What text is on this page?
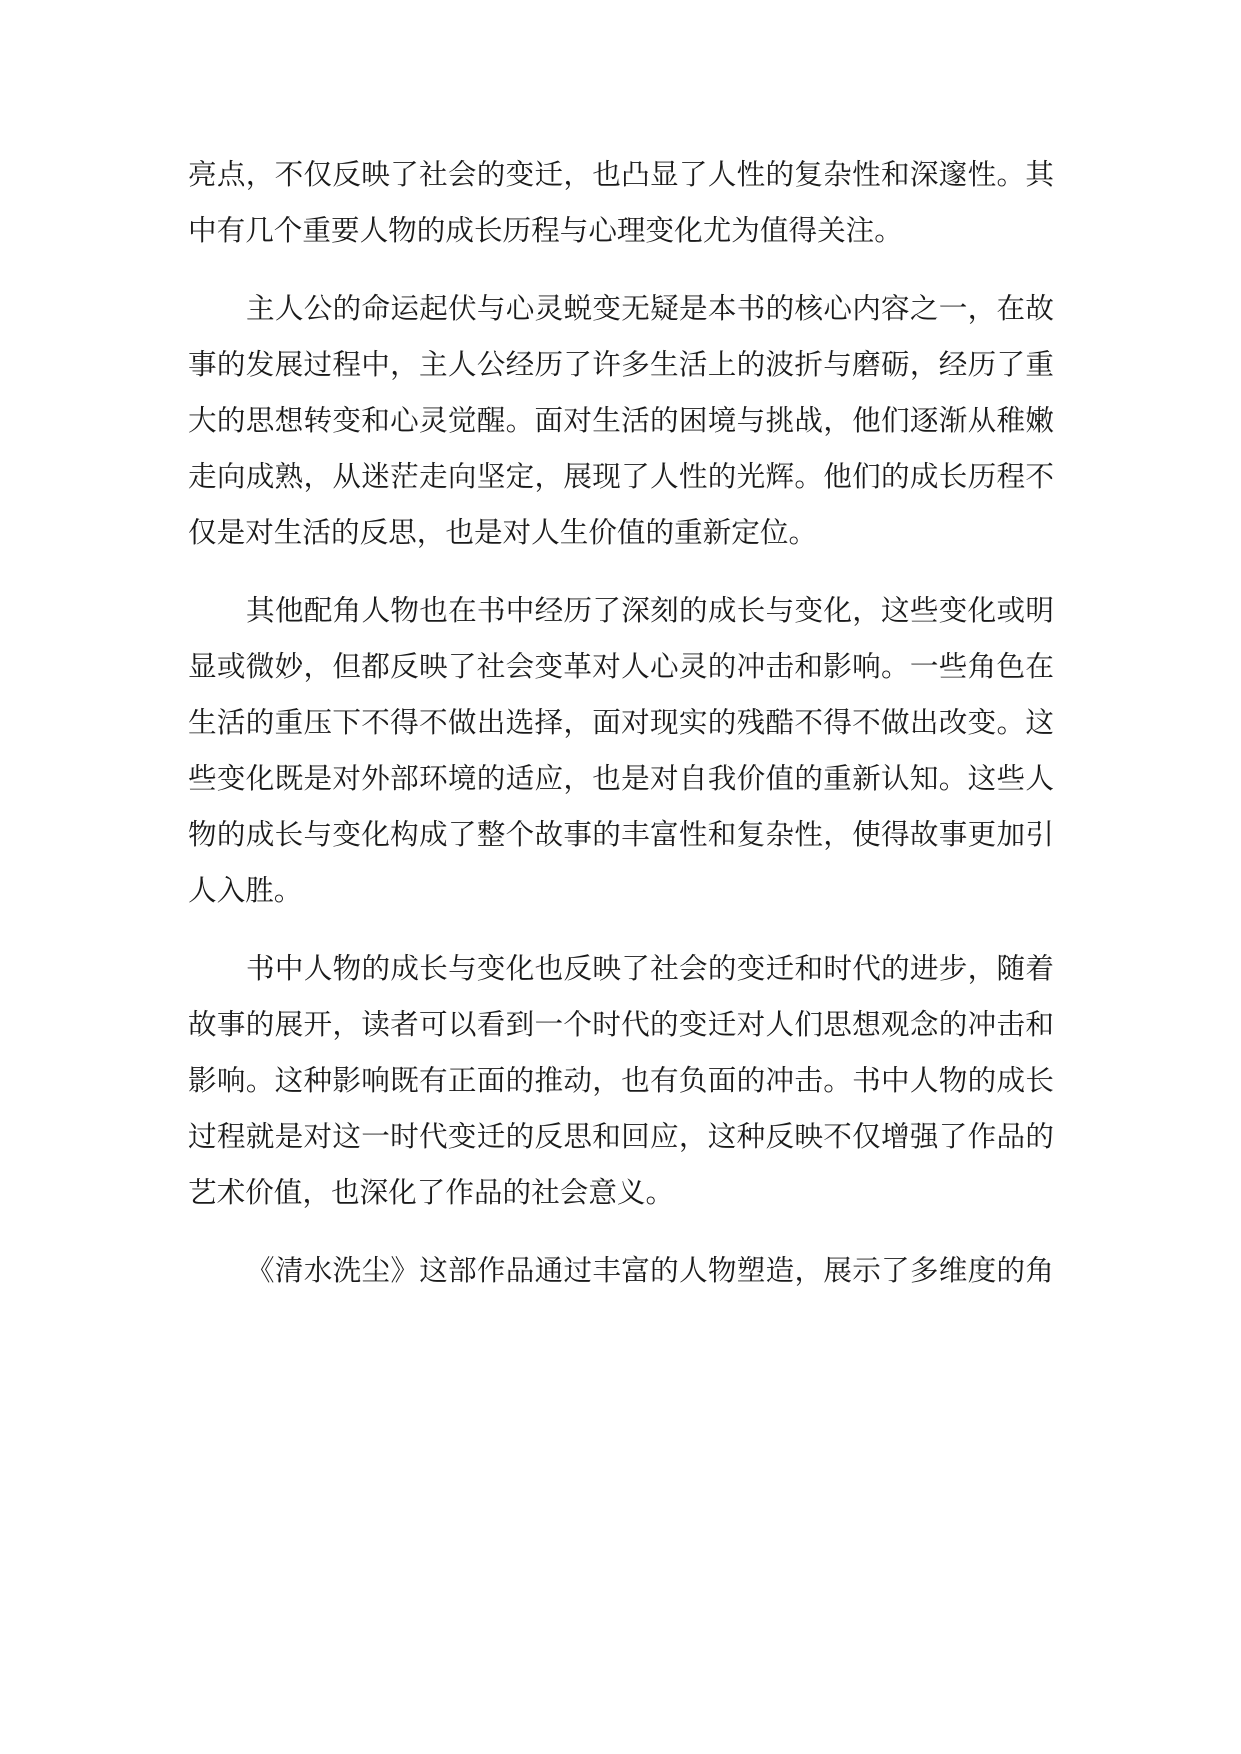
亮点，不仅反映了社会的变迁，也凸显了人性的复杂性和深邃性。其
中有几个重要人物的成长历程与心理变化尤为值得关注。
主人公的命运起伏与心灵蜕变无疑是本书的核心内容之一，在故
事的发展过程中，主人公经历了许多生活上的波折与磨砺，经历了重
大的思想转变和心灵觉醒。面对生活的困境与挑战，他们逐渐从稚嫩
走向成熟，从迷茫走向坚定，展现了人性的光辉。他们的成长历程不
仅是对生活的反思，也是对人生价值的重新定位。
其他配角人物也在书中经历了深刻的成长与变化，这些变化或明
显或微妙，但都反映了社会变革对人心灵的冲击和影响。一些角色在
生活的重压下不得不做出选择，面对现实的残酷不得不做出改变。这
些变化既是对外部环境的适应，也是对自我价值的重新认知。这些人
物的成长与变化构成了整个故事的丰富性和复杂性，使得故事更加引
人入胜。
书中人物的成长与变化也反映了社会的变迁和时代的进步，随着
故事的展开，读者可以看到一个时代的变迁对人们思想观念的冲击和
影响。这种影响既有正面的推动，也有负面的冲击。书中人物的成长
过程就是对这一时代变迁的反思和回应，这种反映不仅增强了作品的
艺术价值，也深化了作品的社会意义。
《清水洗尘》这部作品通过丰富的人物塑造，展示了多维度的角
